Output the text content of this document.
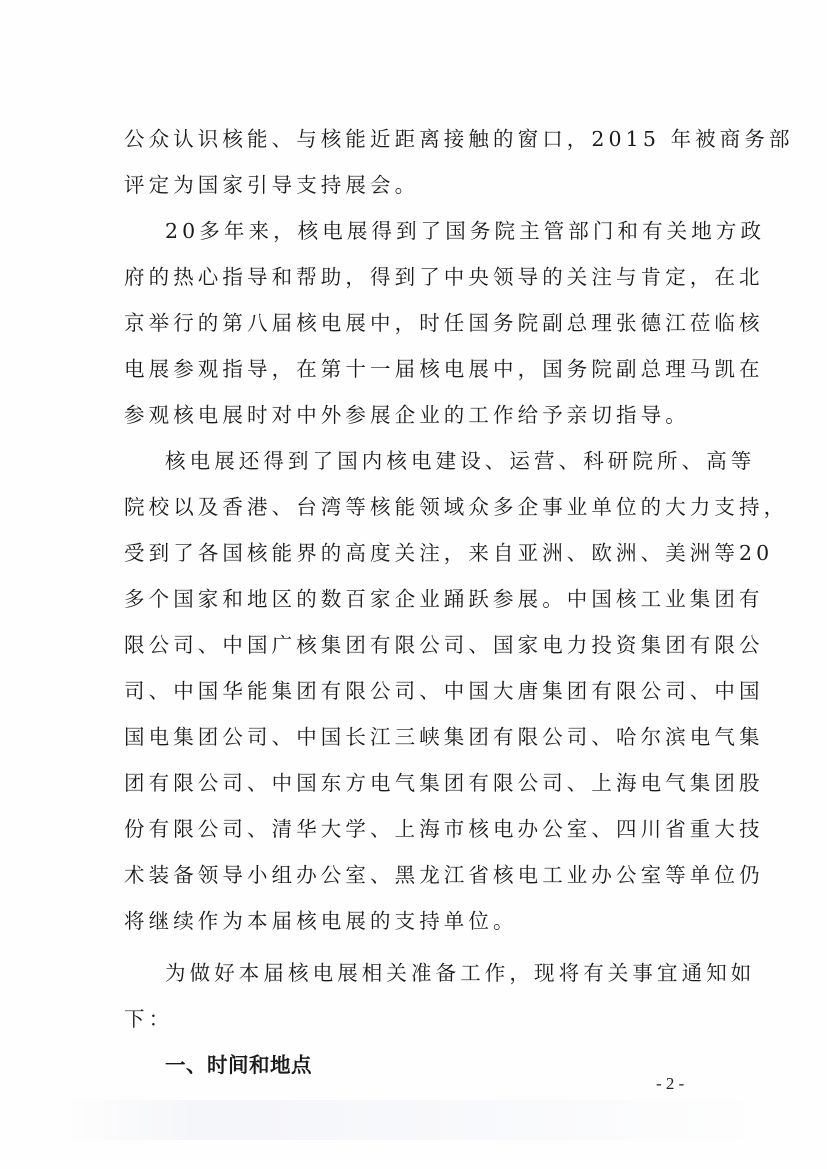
公众认识核能、与核能近距离接触的窗口，2015 年被商务部
评定为国家引导支持展会。
20多年来，核电展得到了国务院主管部门和有关地方政
府的热心指导和帮助，得到了中央领导的关注与肯定，在北
京举行的第八届核电展中，时任国务院副总理张德江莅临核
电展参观指导，在第十一届核电展中，国务院副总理马凯在
参观核电展时对中外参展企业的工作给予亲切指导。
核电展还得到了国内核电建设、运营、科研院所、高等
院校以及香港、台湾等核能领域众多企事业单位的大力支持，
受到了各国核能界的高度关注，来自亚洲、欧洲、美洲等20
多个国家和地区的数百家企业踊跃参展。中国核工业集团有
限公司、中国广核集团有限公司、国家电力投资集团有限公
司、中国华能集团有限公司、中国大唐集团有限公司、中国
国电集团公司、中国长江三峡集团有限公司、哈尔滨电气集
团有限公司、中国东方电气集团有限公司、上海电气集团股
份有限公司、清华大学、上海市核电办公室、四川省重大技
术装备领导小组办公室、黑龙江省核电工业办公室等单位仍
将继续作为本届核电展的支持单位。
为做好本届核电展相关准备工作，现将有关事宜通知如
下：
一、时间和地点
- 2 -
